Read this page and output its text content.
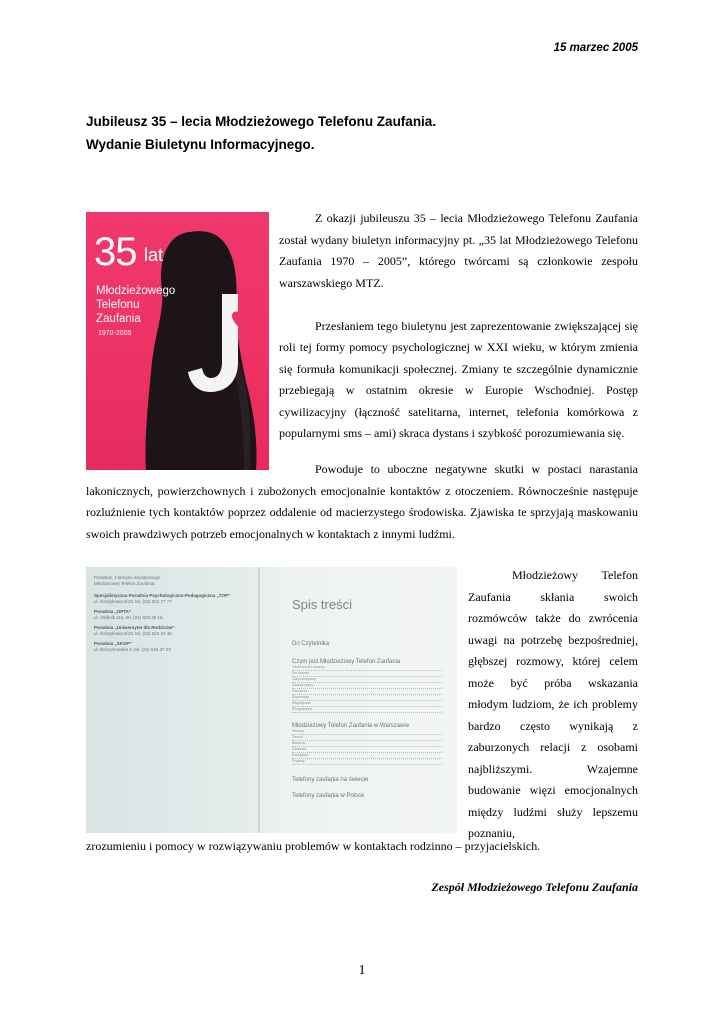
15 marzec 2005
Jubileusz 35 – lecia Młodzieżowego Telefonu Zaufania.
Wydanie Biuletynu Informacyjnego.
35 lat
Młodzieżowego
Telefonu
Zaufania
1970-2005

Z okazji jubileuszu 35 – lecia Młodzieżowego Telefonu Zaufania został wydany biuletyn informacyjny pt. „35 lat Młodzieżowego Telefonu Zaufania 1970 – 2005”, którego twórcami są członkowie zespołu warszawskiego MTZ.

Przesłaniem tego biuletynu jest zaprezentowanie zwiększającej się roli tej formy pomocy psychologicznej w XXI wieku, w którym zmienia się formuła komunikacji społecznej. Zmiany te szczególnie dynamicznie przebiegają w ostatnim okresie w Europie Wschodniej. Postęp cywilizacyjny (łączność satelitarna, internet, telefonia komórkowa z popularnymi sms – ami) skraca dystans i szybkość porozumiewania się.

Powoduje to uboczne negatywne skutki w postaci narastania lakonicznych, powierzchownych i zubożonych emocjonalnie kontaktów z otoczeniem. Równocześnie następuje rozluźnienie tych kontaktów poprzez oddalenie od macierzystego środowiska. Zjawiska te sprzyjają maskowaniu swoich prawdziwych potrzeb emocjonalnych w kontaktach z innymi ludźmi.

Poradnie, z którymi współpracuje
Młodzieżowy Telefon Zaufania:
Specjalistyczna Poradnia Psychologiczno-Pedagogiczna „TOP”
ul. Koszykowa 8/10, tel. (22) 822 77 77
Poradnia „OPTA”
ul. Okólnik 11a, tel. (22) 826 39 16
Poradnia „Uniwersytet dla Rodziców”
ul. Koszykowa 8/10, tel. (22) 623 24 46
Poradnia „SKOP”
ul. Borzymowska 4, tel. (22) 646 37 23
Spis treści
Do Czytelnika
Czym jest Młodzieżowy Telefon Zaufania
Okoliczności rozwoju
Kto dzwoni
Jak pomagamy
Zasady pracy
Szkolenia
Superwizja
Współpraca
Perspektywy
Młodzieżowy Telefon Zaufania w Warszawie
Historia
Zespół
Badania
Działania
Publikacje
Projekty
Telefony zaufania na świecie
Telefony zaufania w Polsce

Młodzieżowy Telefon Zaufania skłania swoich rozmówców także do zwrócenia uwagi na potrzebę bezpośredniej, głębszej rozmowy, której celem może być próba wskazania młodym ludziom, że ich problemy bardzo często wynikają z zaburzonych relacji z osobami najbliższymi. Wzajemne budowanie więzi emocjonalnych między ludźmi służy lepszemu poznaniu,

zrozumieniu i pomocy w rozwiązywaniu problemów w kontaktach rodzinno – przyjacielskich.

Zespół Młodzieżowego Telefonu Zaufania
1
